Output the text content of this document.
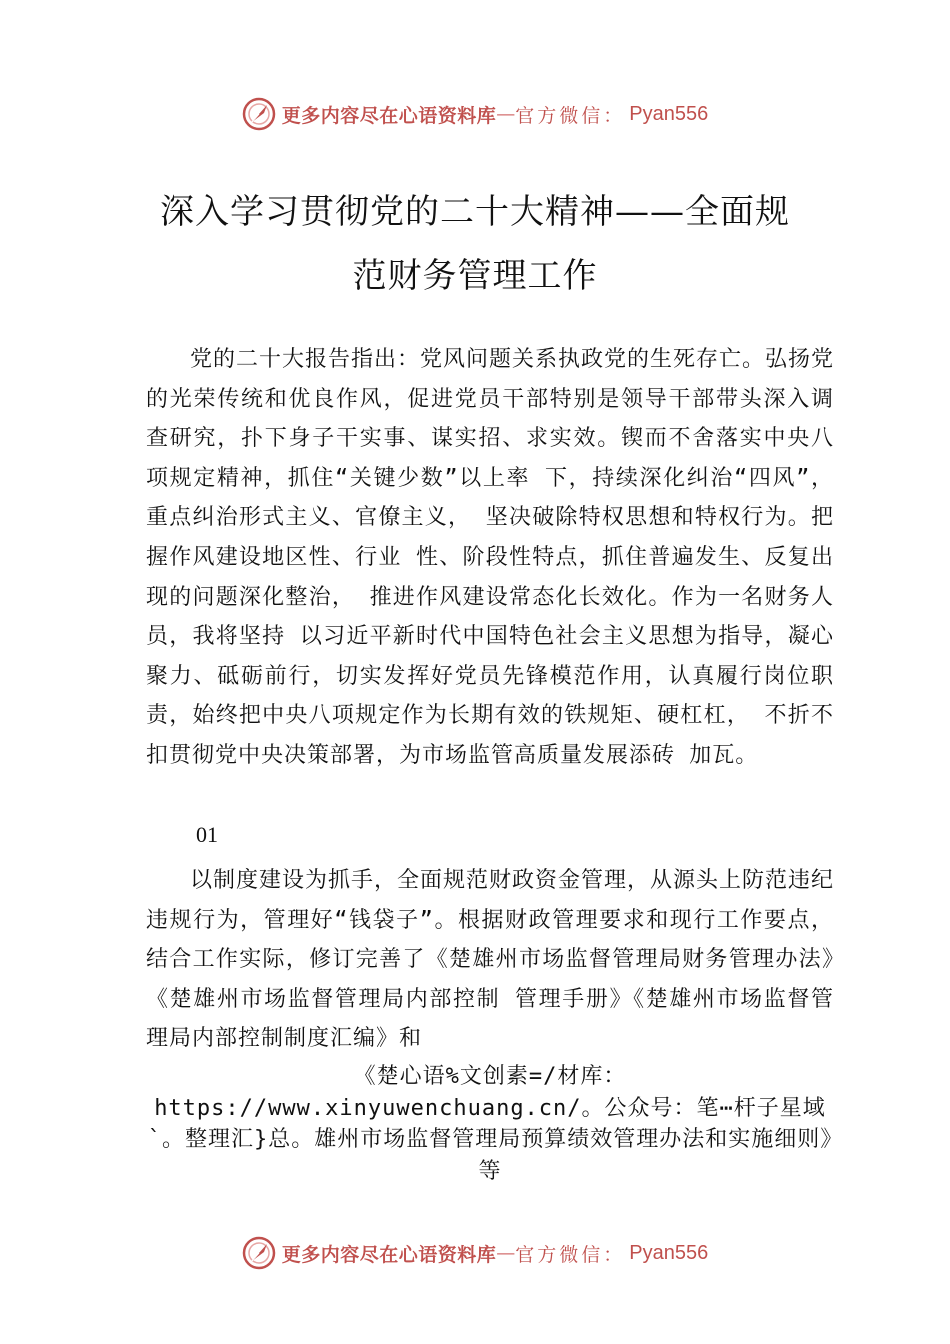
更多内容尽在心语资料库 — 官方微信： Pyan556
深入学习贯彻党的二十大精神——全面规范财务管理工作

党的二十大报告指出：党风问题关系执政党的生死存亡。弘扬党的光荣传统和优良作风，促进党员干部特别是领导干部带头深入调查研究，扑下身子干实事、谋实招、求实效。锲而不舍落实中央八项规定精神，抓住“关键少数”以上率 下，持续深化纠治“四风”，重点纠治形式主义、官僚主义， 坚决破除特权思想和特权行为。把握作风建设地区性、行业 性、阶段性特点，抓住普遍发生、反复出现的问题深化整治， 推进作风建设常态化长效化。作为一名财务人员，我将坚持 以习近平新时代中国特色社会主义思想为指导，凝心聚力、砥砺前行，切实发挥好党员先锋模范作用，认真履行岗位职 责，始终把中央八项规定作为长期有效的铁规矩、硬杠杠， 不折不扣贯彻党中央决策部署，为市场监管高质量发展添砖 加瓦。

01

以制度建设为抓手，全面规范财政资金管理，从源头上防范违纪违规行为，管理好“钱袋子”。根据财政管理要求和现行工作要点，结合工作实际，修订完善了《楚雄州市场监督管理局财务管理办法》《楚雄州市场监督管理局内部控制 管理手册》《楚雄州市场监督管理局内部控制制度汇编》和

《楚心语%文创素=/材库：https://www.xinyuwenchuang.cn/。公众号：笔⋯杆子星域`。整理汇}总。雄州市场监督管理局预算绩效管理办法和实施细则》等

更多内容尽在心语资料库 — 官方微信： Pyan556
